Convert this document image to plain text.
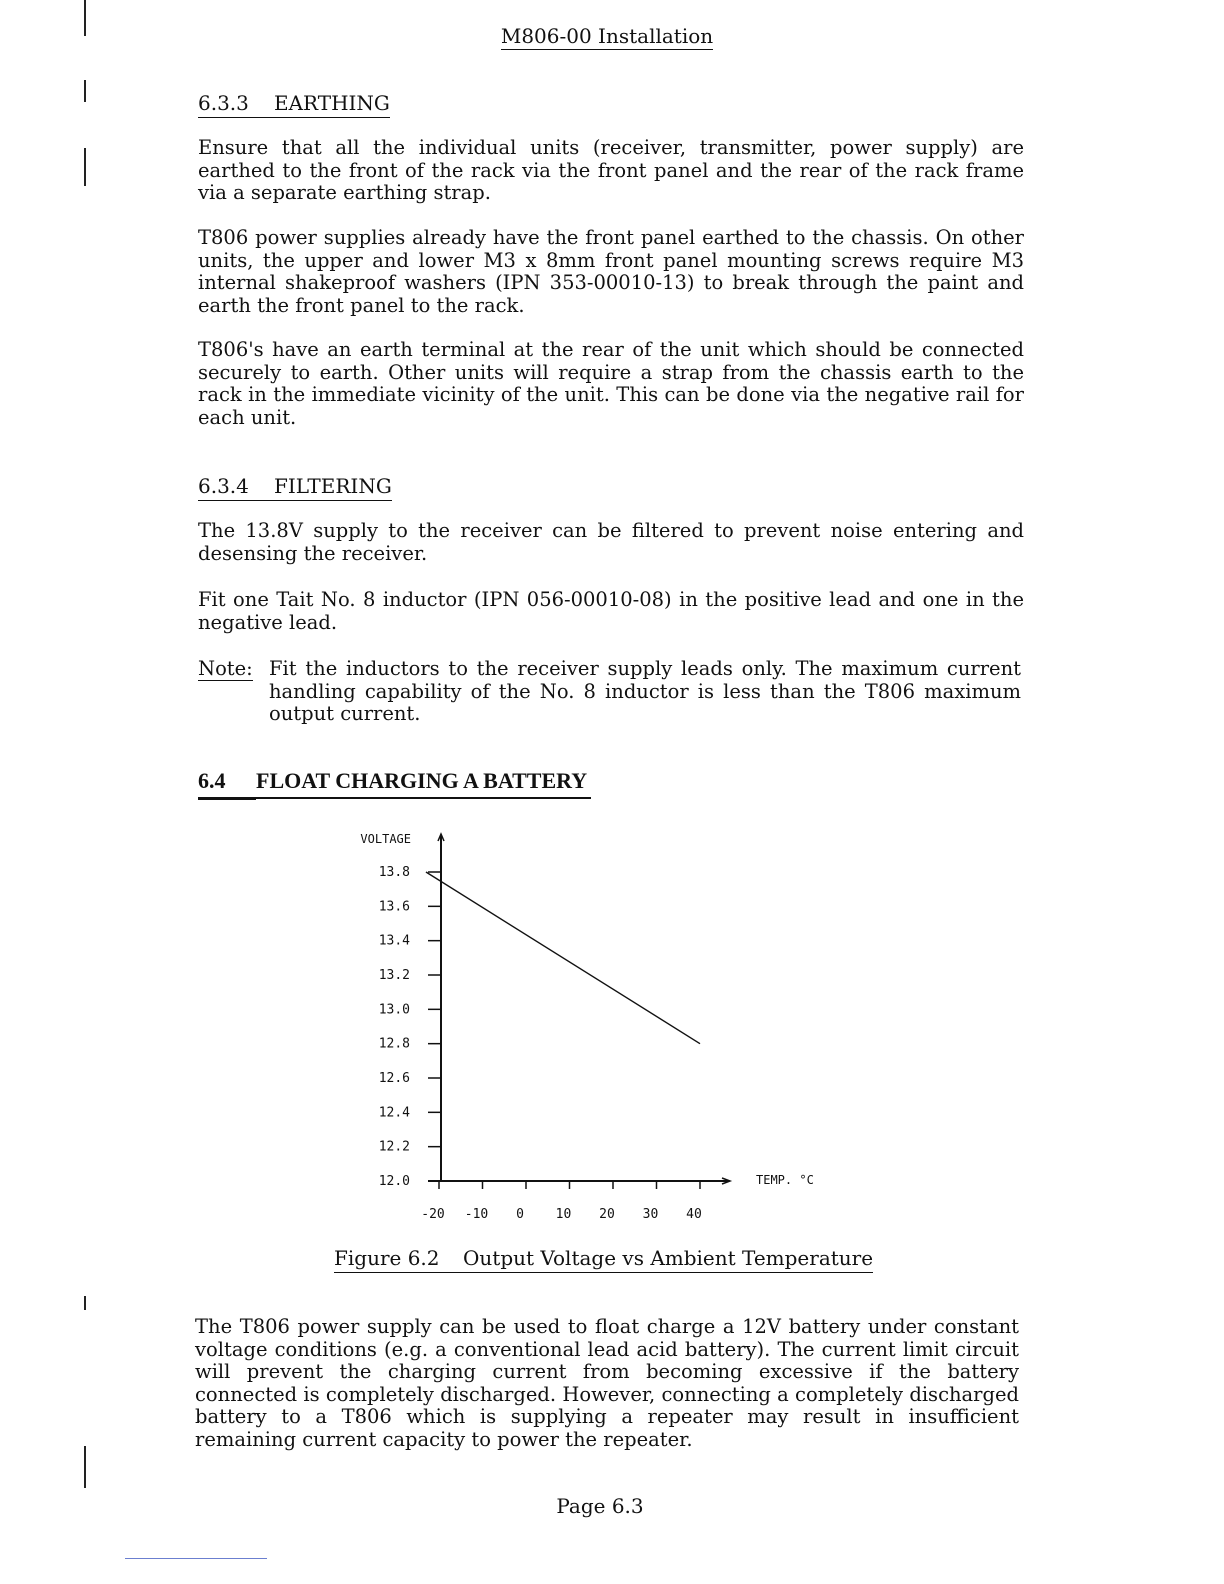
M806-00 Installation
6.3.3 EARTHING
Ensure that all the individual units (receiver, transmitter, power supply) are earthed to the front of the rack via the front panel and the rear of the rack frame via a separate earthing strap.
T806 power supplies already have the front panel earthed to the chassis. On other units, the upper and lower M3 x 8mm front panel mounting screws require M3 internal shakeproof washers (IPN 353-00010-13) to break through the paint and earth the front panel to the rack.
T806's have an earth terminal at the rear of the unit which should be connected securely to earth. Other units will require a strap from the chassis earth to the rack in the immediate vicinity of the unit. This can be done via the negative rail for each unit.
6.3.4 FILTERING
The 13.8V supply to the receiver can be filtered to prevent noise entering and desensing the receiver.
Fit one Tait No. 8 inductor (IPN 056-00010-08) in the positive lead and one in the negative lead.
Note: Fit the inductors to the receiver supply leads only. The maximum current handling capability of the No. 8 inductor is less than the T806 maximum output current.
6.4 FLOAT CHARGING A BATTERY
VOLTAGE
13.8
13.6
13.4
13.2
13.0
12.8
12.6
12.4
12.2
12.0
-20 -10 0 10 20 30 40
TEMP. °C
Figure 6.2 Output Voltage vs Ambient Temperature
The T806 power supply can be used to float charge a 12V battery under constant voltage conditions (e.g. a conventional lead acid battery). The current limit circuit will prevent the charging current from becoming excessive if the battery connected is completely discharged. However, connecting a completely discharged battery to a T806 which is supplying a repeater may result in insufficient remaining current capacity to power the repeater.
Page 6.3
